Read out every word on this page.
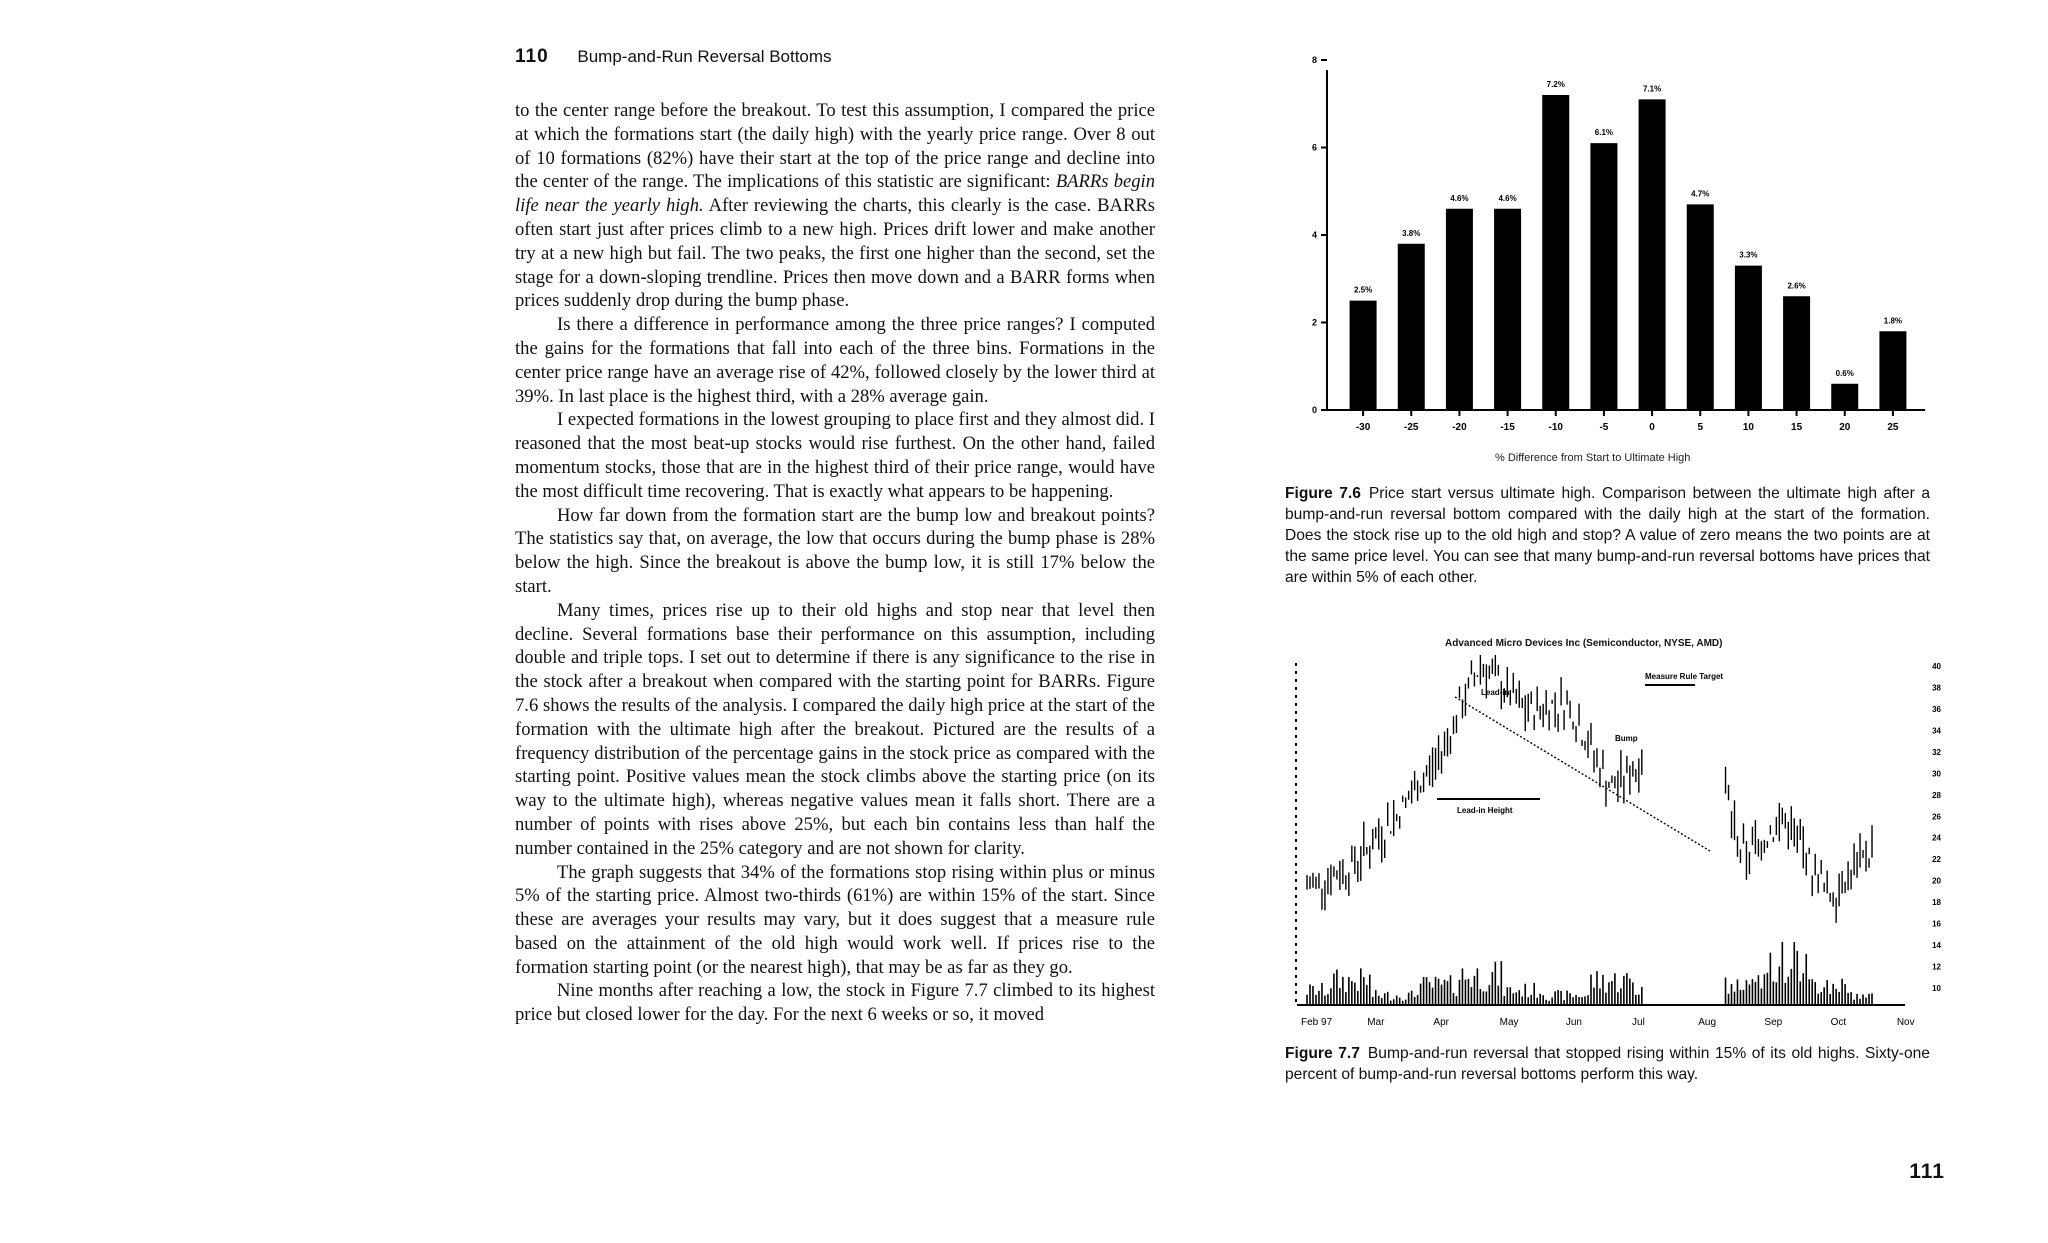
110 Bump-and-Run Reversal Bottoms

to the center range before the breakout. To test this assumption, I compared the price at which the formations start (the daily high) with the yearly price range. Over 8 out of 10 formations (82%) have their start at the top of the price range and decline into the center of the range. The implications of this statistic are significant: BARRs begin life near the yearly high. After reviewing the charts, this clearly is the case. BARRs often start just after prices climb to a new high. Prices drift lower and make another try at a new high but fail. The two peaks, the first one higher than the second, set the stage for a down-sloping trendline. Prices then move down and a BARR forms when prices suddenly drop during the bump phase.

Is there a difference in performance among the three price ranges? I computed the gains for the formations that fall into each of the three bins. Formations in the center price range have an average rise of 42%, followed closely by the lower third at 39%. In last place is the highest third, with a 28% average gain.

I expected formations in the lowest grouping to place first and they almost did. I reasoned that the most beat-up stocks would rise furthest. On the other hand, failed momentum stocks, those that are in the highest third of their price range, would have the most difficult time recovering. That is exactly what appears to be happening.

How far down from the formation start are the bump low and breakout points? The statistics say that, on average, the low that occurs during the bump phase is 28% below the high. Since the breakout is above the bump low, it is still 17% below the start.

Many times, prices rise up to their old highs and stop near that level then decline. Several formations base their performance on this assumption, including double and triple tops. I set out to determine if there is any significance to the rise in the stock after a breakout when compared with the starting point for BARRs. Figure 7.6 shows the results of the analysis. I compared the daily high price at the start of the formation with the ultimate high after the breakout. Pictured are the results of a frequency distribution of the percentage gains in the stock price as compared with the starting point. Positive values mean the stock climbs above the starting price (on its way to the ultimate high), whereas negative values mean it falls short. There are a number of points with rises above 25%, but each bin contains less than half the number contained in the 25% category and are not shown for clarity.

The graph suggests that 34% of the formations stop rising within plus or minus 5% of the starting price. Almost two-thirds (61%) are within 15% of the start. Since these are averages your results may vary, but it does suggest that a measure rule based on the attainment of the old high would work well. If prices rise to the formation starting point (or the nearest high), that may be as far as they go.

Nine months after reaching a low, the stock in Figure 7.7 climbed to its highest price but closed lower for the day. For the next 6 weeks or so, it moved

2.5%
-30
3.8%
-25
4.6%
-20
4.6%
-15
7.2%
-10
6.1%
-5
7.1%
0
4.7%
5
3.3%
10
2.6%
15
0.6%
20
1.8%
25
0
2
4
6
8
% Difference from Start to Ultimate High
Figure 7.6 Price start versus ultimate high. Comparison between the ultimate high after a bump-and-run reversal bottom compared with the daily high at the start of the formation. Does the stock rise up to the old high and stop? A value of zero means the two points are at the same price level. You can see that many bump-and-run reversal bottoms have prices that are within 5% of each other.
Advanced Micro Devices Inc (Semiconductor, NYSE, AMD)
Measure Rule Target
Lead-in
Bump
Lead-in Height
Feb 97	Mar	Apr	May	Jun	Jul	Aug	Sep	Oct	Nov
40
38
36
34
32
30
28
26
24
22
20
18
16
14
12
10
Figure 7.7 Bump-and-run reversal that stopped rising within 15% of its old highs. Sixty-one percent of bump-and-run reversal bottoms perform this way.
111
